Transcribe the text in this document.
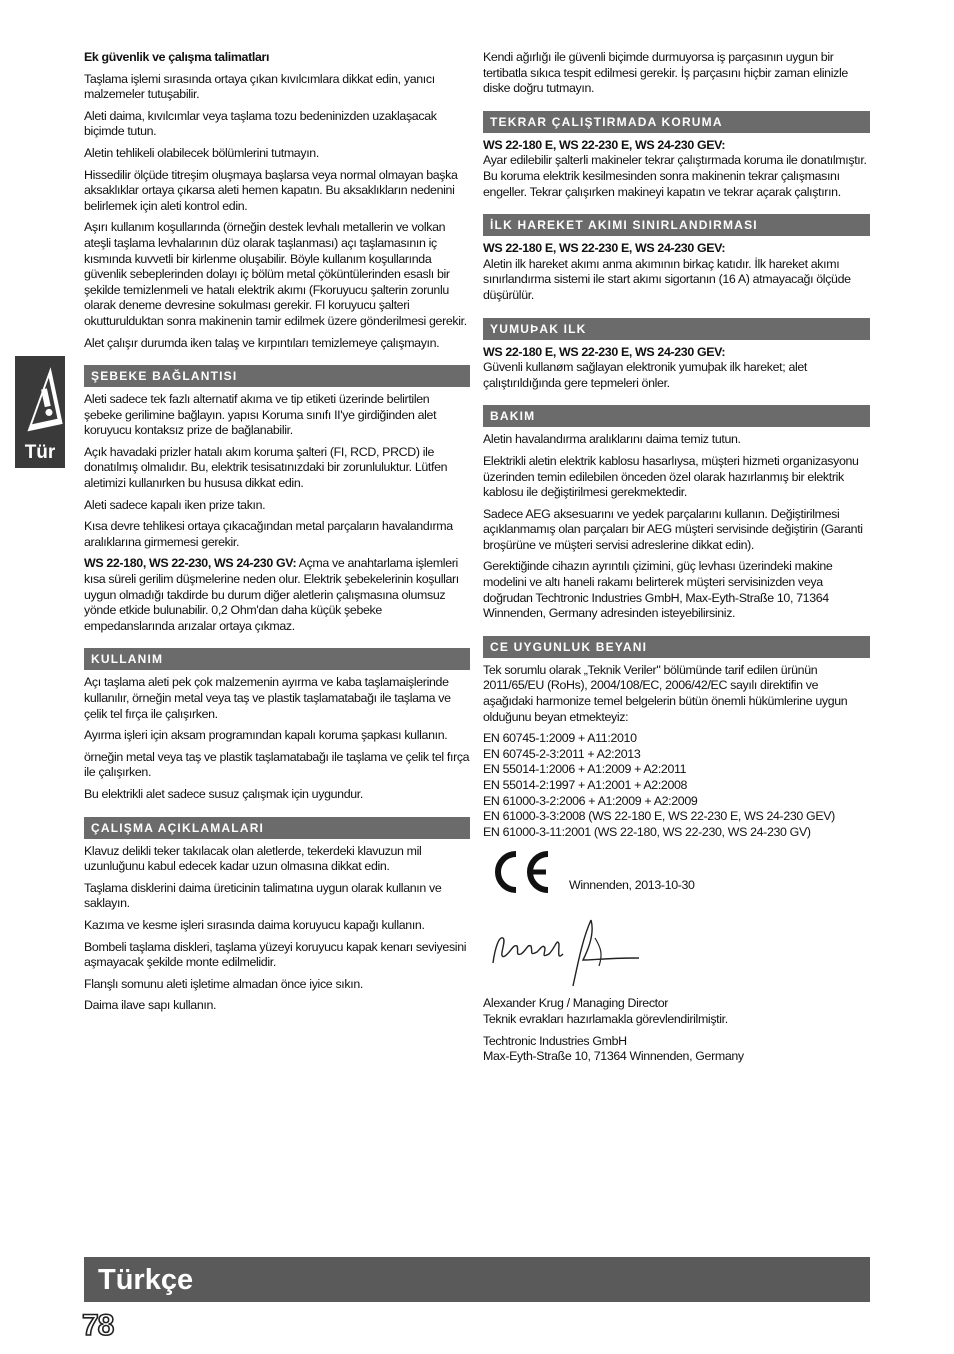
Tür

Ek güvenlik ve çalışma talimatları

Taşlama işlemi sırasında ortaya çıkan kıvılcımlara dikkat edin, yanıcı malzemeler tutuşabilir.

Aleti daima, kıvılcımlar veya taşlama tozu bedeninizden uzaklaşacak biçimde tutun.

Aletin tehlikeli olabilecek bölümlerini tutmayın.

Hissedilir ölçüde titreşim oluşmaya başlarsa veya normal olmayan başka aksaklıklar ortaya çıkarsa aleti hemen kapatın. Bu aksaklıkların nedenini belirlemek için aleti kontrol edin.

Aşırı kullanım koşullarında (örneğin destek levhalı metallerin ve volkan ateşli taşlama levhalarının düz olarak taşlanması) açı taşlamasının iç kısmında kuvvetli bir kirlenme oluşabilir. Böyle kullanım koşullarında güvenlik sebeplerinden dolayı iç bölüm metal çöküntülerinden esaslı bir şekilde temizlenmeli ve hatalı elektrik akımı (Fkoruyucu şalterin zorunlu olarak deneme devresine sokulması gerekir. FI koruyucu şalteri okutturulduktan sonra makinenin tamir edilmek üzere gönderilmesi gerekir.

Alet çalışır durumda iken talaş ve kırpıntıları temizlemeye çalışmayın.

ŞEBEKE BAĞLANTISI

Aleti sadece tek fazlı alternatif akıma ve tip etiketi üzerinde belirtilen şebeke gerilimine bağlayın. yapısı Koruma sınıfı II'ye girdiğinden alet koruyucu kontaksız prize de bağlanabilir.

Açık havadaki prizler hatalı akım koruma şalteri (FI, RCD, PRCD) ile donatılmış olmalıdır. Bu, elektrik tesisatınızdaki bir zorunluluktur. Lütfen aletimizi kullanırken bu hususa dikkat edin.

Aleti sadece kapalı iken prize takın.

Kısa devre tehlikesi ortaya çıkacağından metal parçaların havalandırma aralıklarına girmemesi gerekir.

WS 22-180, WS 22-230, WS 24-230 GV: Açma ve anahtarlama işlemleri kısa süreli gerilim düşmelerine neden olur. Elektrik şebekelerinin koşulları uygun olmadığı takdirde bu durum diğer aletlerin çalışmasına olumsuz yönde etkide bulunabilir. 0,2 Ohm'dan daha küçük şebeke empedanslarında arızalar ortaya çıkmaz.

KULLANIM

Açı taşlama aleti pek çok malzemenin ayırma ve kaba taşlamaişlerinde kullanılır, örneğin metal veya taş ve plastik taşlamatabağı ile taşlama ve çelik tel fırça ile çalışırken.

Ayırma işleri için aksam programından kapalı koruma şapkası kullanın.

örneğin metal veya taş ve plastik taşlamatabağı ile taşlama ve çelik tel fırça ile çalışırken.

Bu elektrikli alet sadece susuz çalışmak için uygundur.

ÇALIŞMA AÇIKLAMALARI

Klavuz delikli teker takılacak olan aletlerde, tekerdeki klavuzun mil uzunluğunu kabul edecek kadar uzun olmasına dikkat edin.

Taşlama disklerini daima üreticinin talimatına uygun olarak kullanın ve saklayın.

Kazıma ve kesme işleri sırasında daima koruyucu kapağı kullanın.

Bombeli taşlama diskleri, taşlama yüzeyi koruyucu kapak kenarı seviyesini aşmayacak şekilde monte edilmelidir.

Flanşlı somunu aleti işletime almadan önce iyice sıkın.

Daima ilave sapı kullanın.

Kendi ağırlığı ile güvenli biçimde durmuyorsa iş parçasının uygun bir tertibatla sıkıca tespit edilmesi gerekir. İş parçasını hiçbir zaman elinizle diske doğru tutmayın.

TEKRAR ÇALIŞTIRMADA KORUMA

WS 22-180 E, WS 22-230 E, WS 24-230 GEV:
Ayar edilebilir şalterli makineler tekrar çalıştırmada koruma ile donatılmıştır. Bu koruma elektrik kesilmesinden sonra makinenin tekrar çalışmasını engeller. Tekrar çalışırken makineyi kapatın ve tekrar açarak çalıştırın.

İLK HAREKET AKIMI SINIRLANDIRMASI

WS 22-180 E, WS 22-230 E, WS 24-230 GEV:
Aletin ilk hareket akımı anma akımının birkaç katıdır. İlk hareket akımı sınırlandırma sistemi ile start akımı sigortanın (16 A) atmayacağı ölçüde düşürülür.

YUMUÞAK ILK

WS 22-180 E, WS 22-230 E, WS 24-230 GEV:
Güvenli kullanøm sağlayan elektronik yumuþak ilk hareket; alet çalıştırıldığında gere tepmeleri önler.

BAKIM

Aletin havalandırma aralıklarını daima temiz tutun.

Elektrikli aletin elektrik kablosu hasarlıysa, müşteri hizmeti organizasyonu üzerinden temin edilebilen önceden özel olarak hazırlanmış bir elektrik kablosu ile değiştirilmesi gerekmektedir.

Sadece AEG aksesuarını ve yedek parçalarını kullanın. Değiştirilmesi açıklanmamış olan parçaları bir AEG müşteri servisinde değiştirin (Garanti broşürüne ve müşteri servisi adreslerine dikkat edin).

Gerektiğinde cihazın ayrıntılı çizimini, güç levhası üzerindeki makine modelini ve altı haneli rakamı belirterek müşteri servisinizden veya doğrudan Techtronic Industries GmbH, Max-Eyth-Straße 10, 71364 Winnenden, Germany adresinden isteyebilirsiniz.

CE UYGUNLUK BEYANI

Tek sorumlu olarak „Teknik Veriler" bölümünde tarif edilen ürünün 2011/65/EU (RoHs), 2004/108/EC, 2006/42/EC sayılı direktifin ve aşağıdaki harmonize temel belgelerin bütün önemli hükümlerine uygun olduğunu beyan etmekteyiz:

EN 60745-1:2009 + A11:2010

EN 60745-2-3:2011 + A2:2013

EN 55014-1:2006 + A1:2009 + A2:2011

EN 55014-2:1997 + A1:2001 + A2:2008

EN 61000-3-2:2006 + A1:2009 + A2:2009

EN 61000-3-3:2008 (WS 22-180 E, WS 22-230 E, WS 24-230 GEV)

EN 61000-3-11:2001 (WS 22-180, WS 22-230, WS 24-230 GV)

Winnenden, 2013-10-30

Alexander Krug / Managing Director

Teknik evrakları hazırlamakla görevlendirilmiştir.

Techtronic Industries GmbH

Max-Eyth-Straße 10, 71364 Winnenden, Germany

Türkçe
78
